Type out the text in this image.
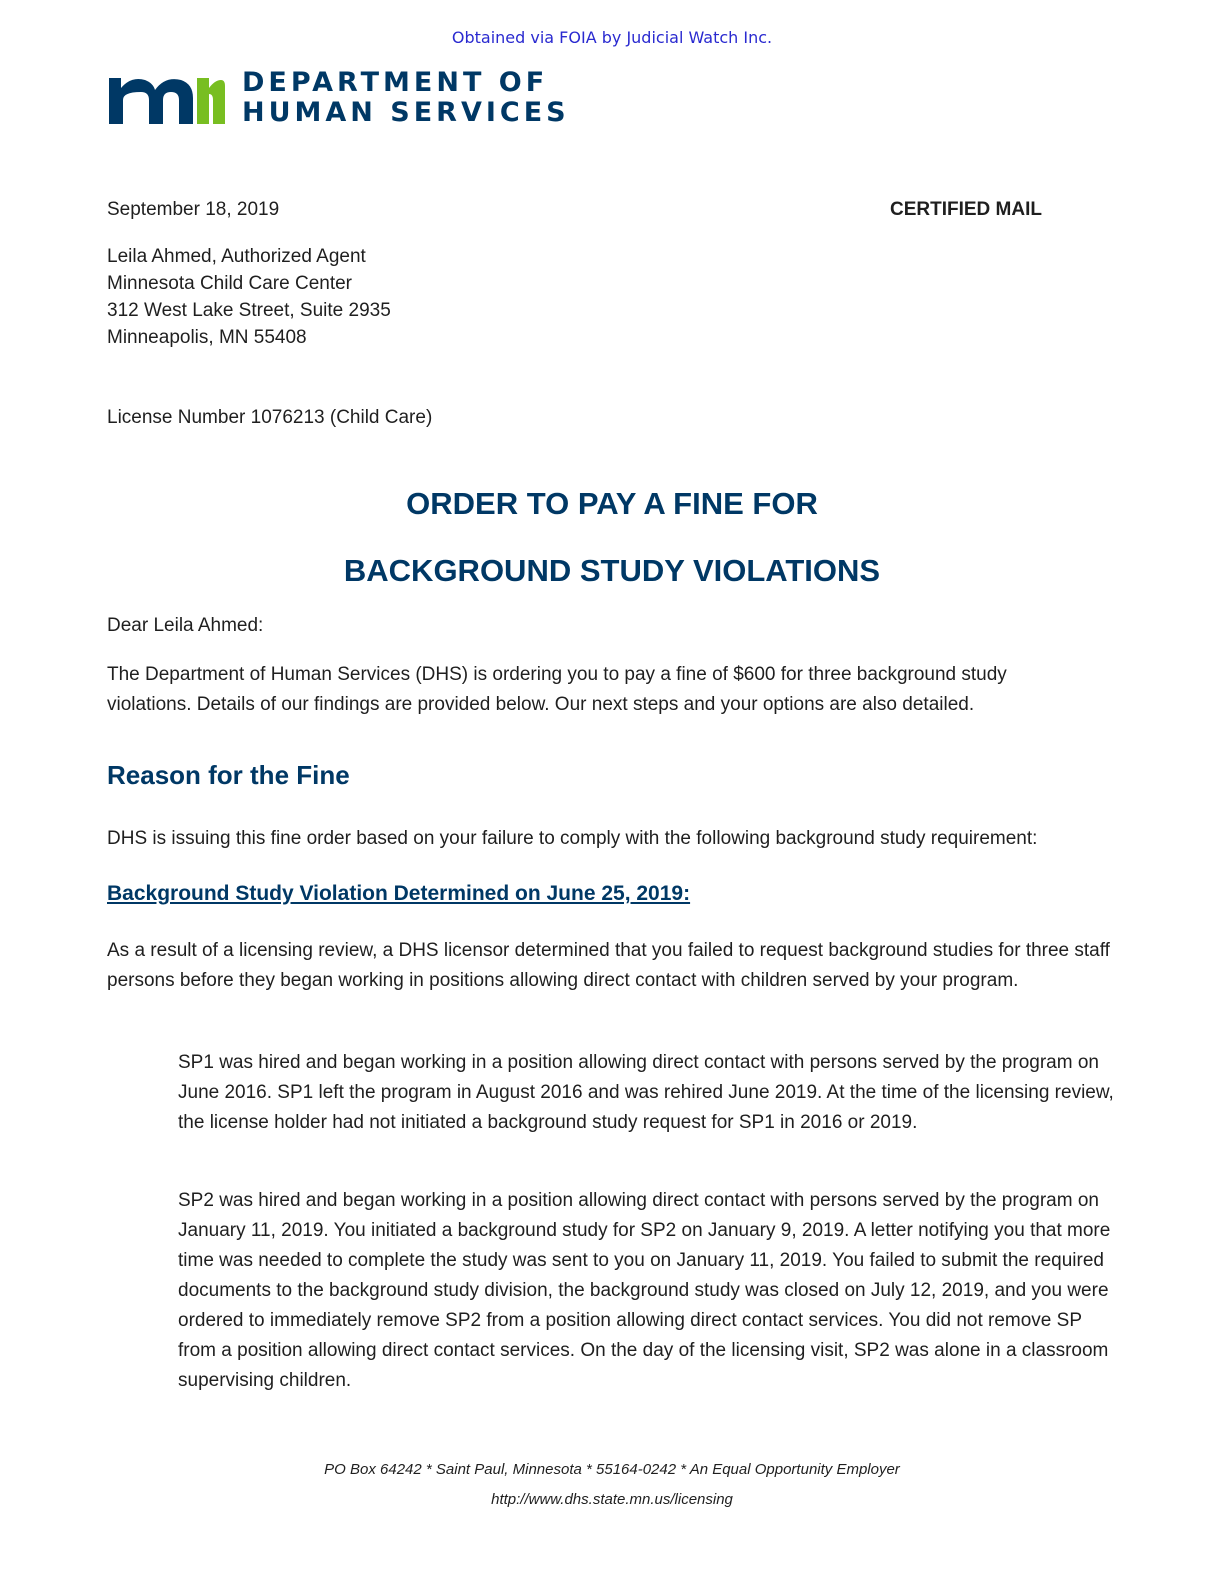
Obtained via FOIA by Judicial Watch Inc.
DEPARTMENT OF
HUMAN SERVICES
September 18, 2019	CERTIFIED MAIL
Leila Ahmed, Authorized Agent
Minnesota Child Care Center
312 West Lake Street, Suite 2935
Minneapolis, MN 55408
License Number 1076213 (Child Care)
ORDER TO PAY A FINE FOR
BACKGROUND STUDY VIOLATIONS
Dear Leila Ahmed:
The Department of Human Services (DHS) is ordering you to pay a fine of $600 for three background study violations. Details of our findings are provided below. Our next steps and your options are also detailed.
Reason for the Fine
DHS is issuing this fine order based on your failure to comply with the following background study requirement:
Background Study Violation Determined on June 25, 2019:
As a result of a licensing review, a DHS licensor determined that you failed to request background studies for three staff persons before they began working in positions allowing direct contact with children served by your program.
SP1 was hired and began working in a position allowing direct contact with persons served by the program on June 2016. SP1 left the program in August 2016 and was rehired June 2019. At the time of the licensing review, the license holder had not initiated a background study request for SP1 in 2016 or 2019.
SP2 was hired and began working in a position allowing direct contact with persons served by the program on January 11, 2019. You initiated a background study for SP2 on January 9, 2019. A letter notifying you that more time was needed to complete the study was sent to you on January 11, 2019. You failed to submit the required documents to the background study division, the background study was closed on July 12, 2019, and you were ordered to immediately remove SP2 from a position allowing direct contact services. You did not remove SP from a position allowing direct contact services. On the day of the licensing visit, SP2 was alone in a classroom supervising children.
PO Box 64242 * Saint Paul, Minnesota * 55164-0242 * An Equal Opportunity Employer
http://www.dhs.state.mn.us/licensing
